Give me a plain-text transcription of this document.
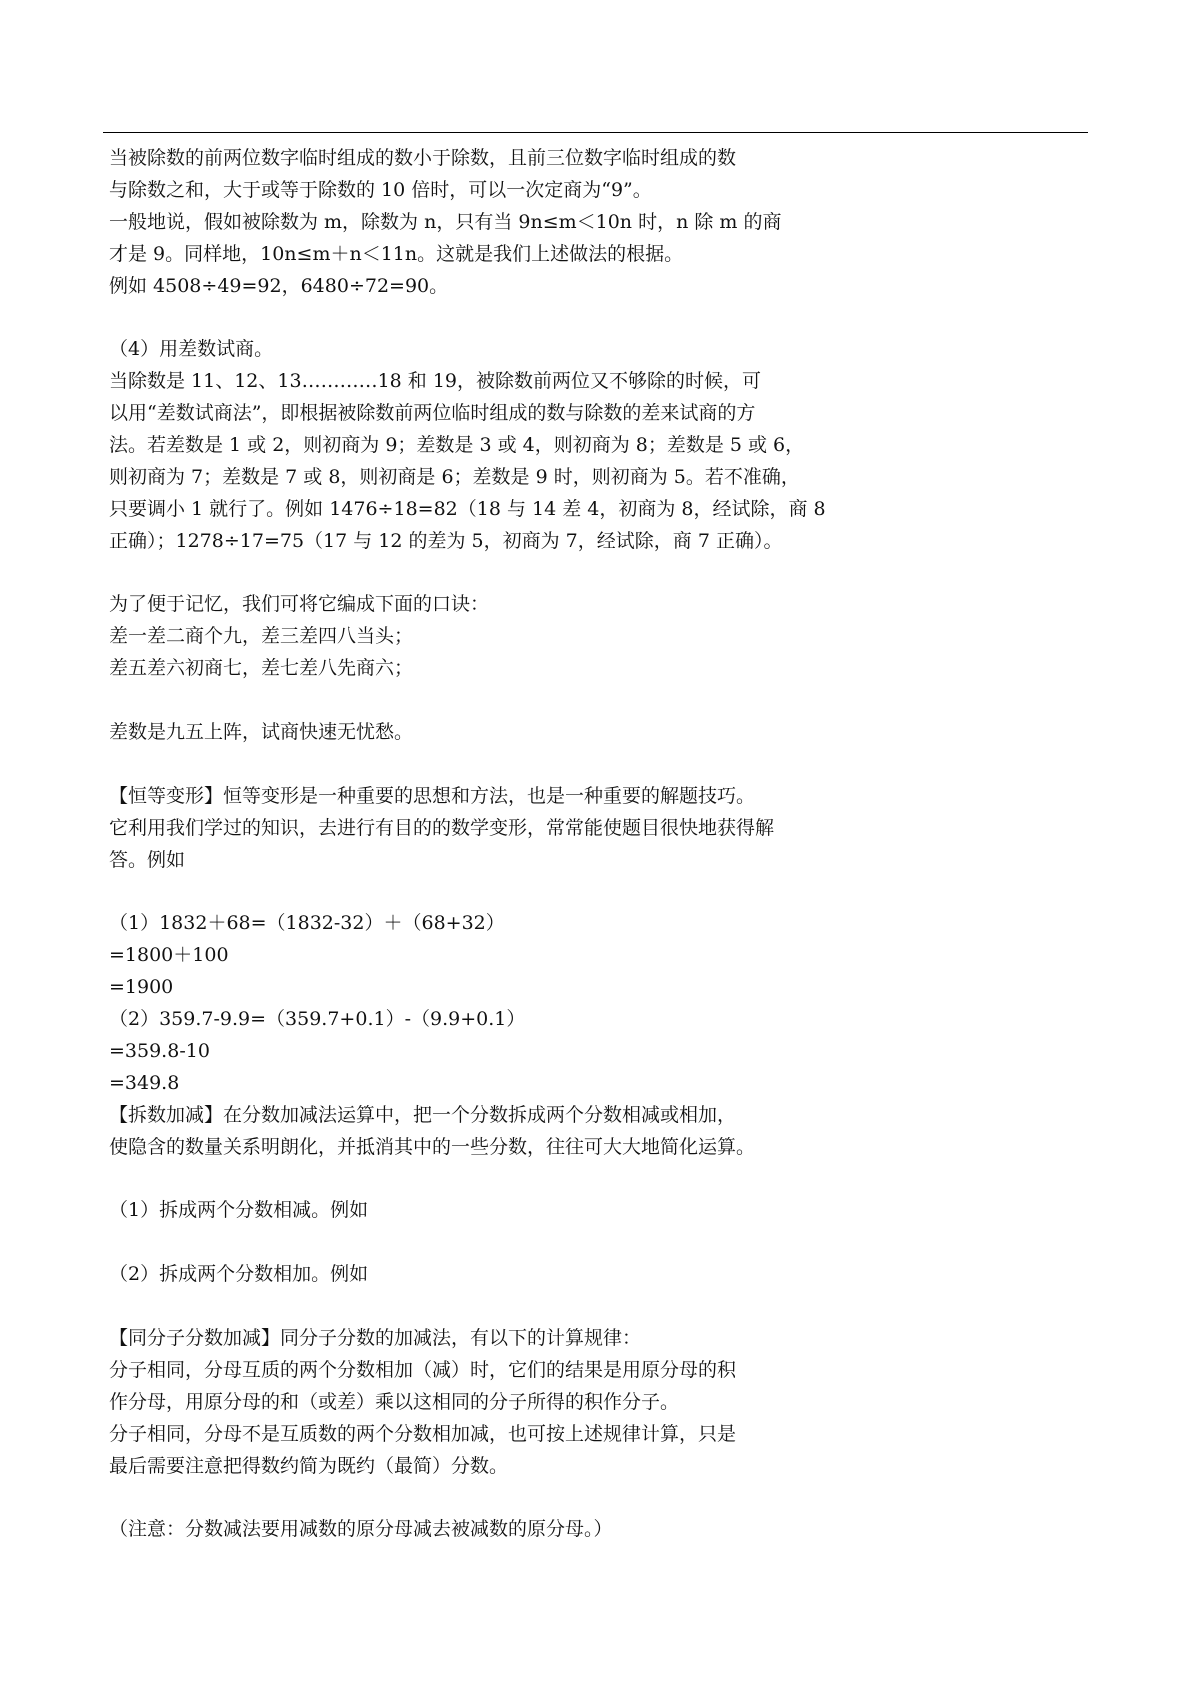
当被除数的前两位数字临时组成的数小于除数，且前三位数字临时组成的数
与除数之和，大于或等于除数的 10 倍时，可以一次定商为“9”。
一般地说，假如被除数为 m，除数为 n，只有当 9n≤m＜10n 时，n 除 m 的商
才是 9。同样地，10n≤m＋n＜11n。这就是我们上述做法的根据。
例如 4508÷49=92，6480÷72=90。
（4）用差数试商。
当除数是 11、12、13…………18 和 19，被除数前两位又不够除的时候，可
以用“差数试商法”，即根据被除数前两位临时组成的数与除数的差来试商的方
法。若差数是 1 或 2，则初商为 9；差数是 3 或 4，则初商为 8；差数是 5 或 6，
则初商为 7；差数是 7 或 8，则初商是 6；差数是 9 时，则初商为 5。若不准确，
只要调小 1 就行了。例如 1476÷18=82（18 与 14 差 4，初商为 8，经试除，商 8
正确）；1278÷17=75（17 与 12 的差为 5，初商为 7，经试除，商 7 正确）。
为了便于记忆，我们可将它编成下面的口诀：
差一差二商个九，差三差四八当头；
差五差六初商七，差七差八先商六；
差数是九五上阵，试商快速无忧愁。
【恒等变形】恒等变形是一种重要的思想和方法，也是一种重要的解题技巧。
它利用我们学过的知识，去进行有目的的数学变形，常常能使题目很快地获得解
答。例如
（1）1832＋68=（1832-32）＋（68+32）
=1800＋100
=1900
（2）359.7-9.9=（359.7+0.1）-（9.9+0.1）
=359.8-10
=349.8
【拆数加减】在分数加减法运算中，把一个分数拆成两个分数相减或相加，
使隐含的数量关系明朗化，并抵消其中的一些分数，往往可大大地简化运算。
（1）拆成两个分数相减。例如
（2）拆成两个分数相加。例如
【同分子分数加减】同分子分数的加减法，有以下的计算规律：
分子相同，分母互质的两个分数相加（减）时，它们的结果是用原分母的积
作分母，用原分母的和（或差）乘以这相同的分子所得的积作分子。
分子相同，分母不是互质数的两个分数相加减，也可按上述规律计算，只是
最后需要注意把得数约简为既约（最简）分数。
（注意：分数减法要用减数的原分母减去被减数的原分母。）
